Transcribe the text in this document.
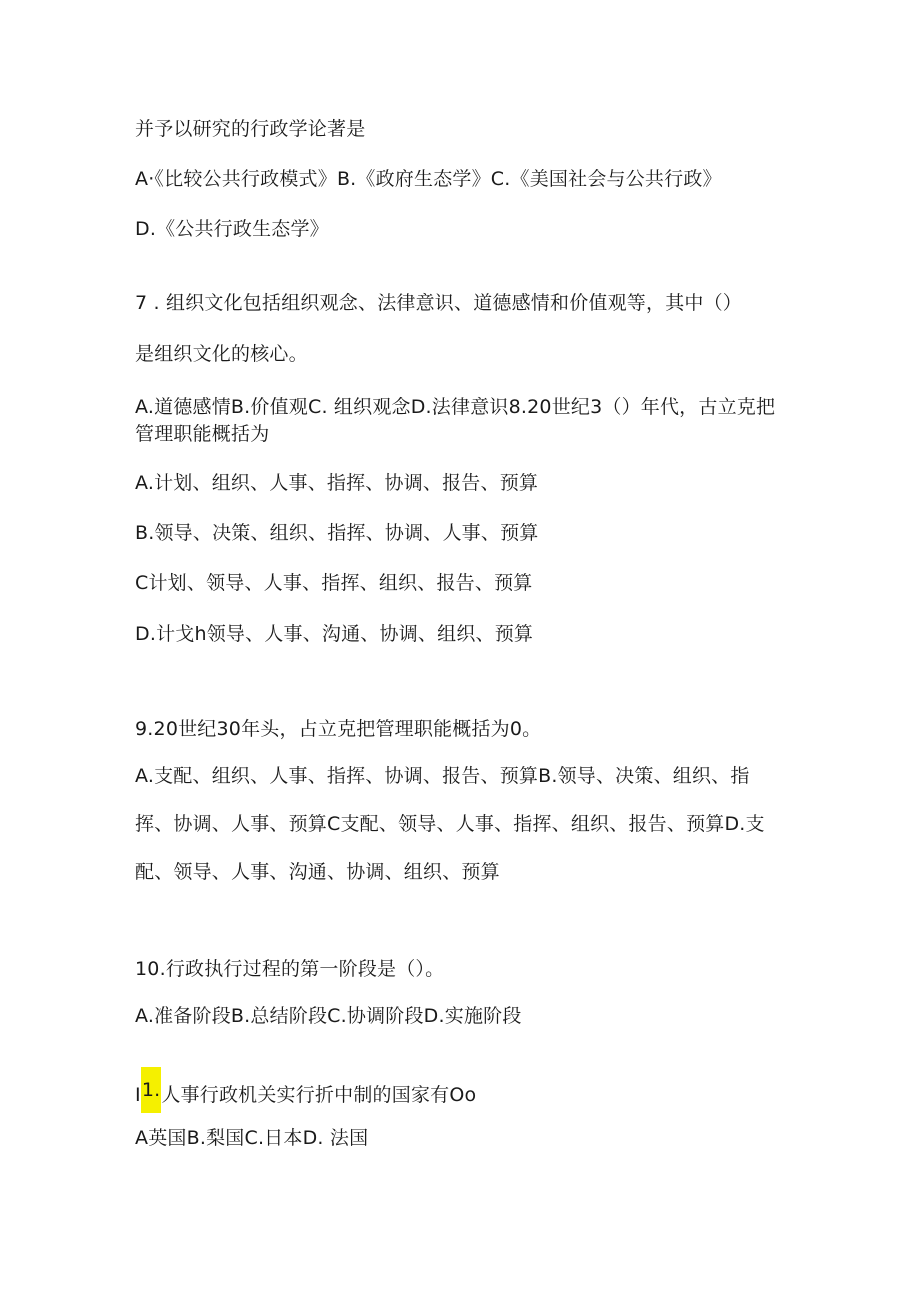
并予以研究的行政学论著是
A·《比较公共行政模式》B.《政府生态学》C.《美国社会与公共行政》
D.《公共行政生态学》
7 . 组织文化包括组织观念、法律意识、道德感情和价值观等，其中（）
是组织文化的核心。
A.道德感情B.价值观C. 组织观念D.法律意识8.20世纪3（）年代，古立克把
管理职能概括为
A.计划、组织、人事、指挥、协调、报告、预算
B.领导、决策、组织、指挥、协调、人事、预算
C计划、领导、人事、指挥、组织、报告、预算
D.计戈h领导、人事、沟通、协调、组织、预算
9.20世纪30年头，占立克把管理职能概括为0。
A.支配、组织、人事、指挥、协调、报告、预算B.领导、决策、组织、指
挥、协调、人事、预算C支配、领导、人事、指挥、组织、报告、预算D.支
配、领导、人事、沟通、协调、组织、预算
10.行政执行过程的第一阶段是（）。
A.准备阶段B.总结阶段C.协调阶段D.实施阶段
I1.人事行政机关实行折中制的国家有Oo
A英国B.梨国C.日本D. 法国
